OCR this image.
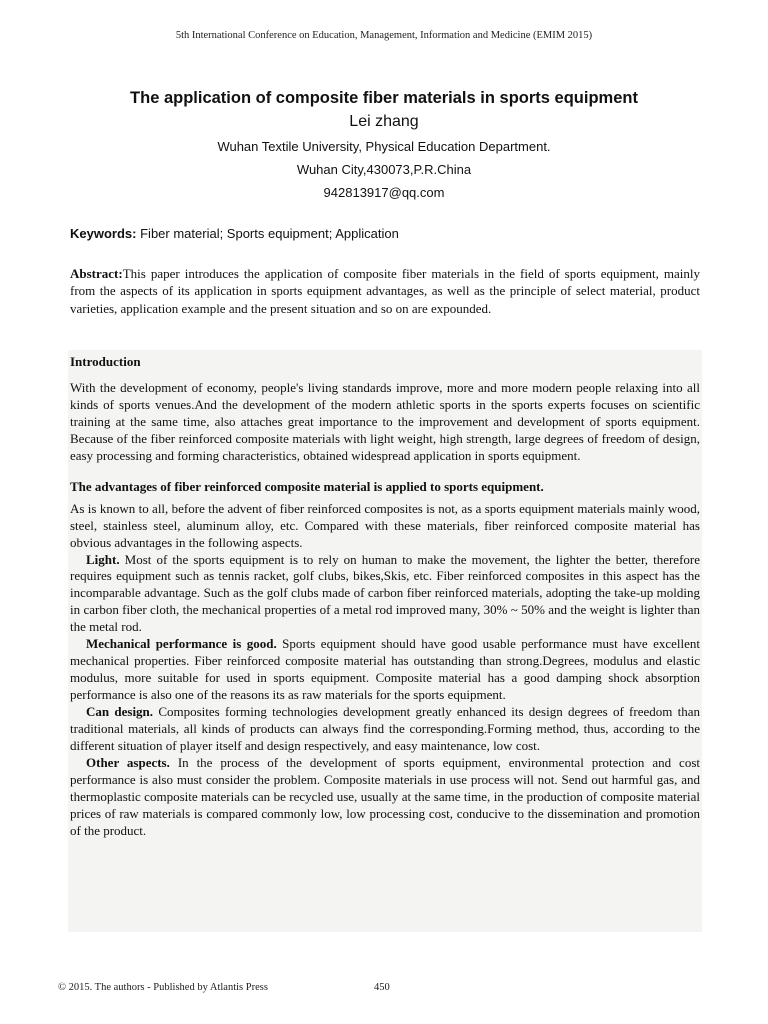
5th International Conference on Education, Management, Information and Medicine (EMIM 2015)
The application of composite fiber materials in sports equipment
Lei zhang
Wuhan Textile University, Physical Education Department.
Wuhan City,430073,P.R.China
942813917@qq.com
Keywords: Fiber material; Sports equipment; Application
Abstract:This paper introduces the application of composite fiber materials in the field of sports equipment, mainly from the aspects of its application in sports equipment advantages, as well as the principle of select material, product varieties, application example and the present situation and so on are expounded.
Introduction

With the development of economy, people's living standards improve, more and more modern people relaxing into all kinds of sports venues.And the development of the modern athletic sports in the sports experts focuses on scientific training at the same time, also attaches great importance to the improvement and development of sports equipment. Because of the fiber reinforced composite materials with light weight, high strength, large degrees of freedom of design, easy processing and forming characteristics, obtained widespread application in sports equipment.

The advantages of fiber reinforced composite material is applied to sports equipment.

As is known to all, before the advent of fiber reinforced composites is not, as a sports equipment materials mainly wood, steel, stainless steel, aluminum alloy, etc. Compared with these materials, fiber reinforced composite material has obvious advantages in the following aspects.

Light. Most of the sports equipment is to rely on human to make the movement, the lighter the better, therefore requires equipment such as tennis racket, golf clubs, bikes,Skis, etc. Fiber reinforced composites in this aspect has the incomparable advantage. Such as the golf clubs made of carbon fiber reinforced materials, adopting the take-up molding in carbon fiber cloth, the mechanical properties of a metal rod improved many, 30% ~ 50% and the weight is lighter than the metal rod.

Mechanical performance is good. Sports equipment should have good usable performance must have excellent mechanical properties. Fiber reinforced composite material has outstanding than strong.Degrees, modulus and elastic modulus, more suitable for used in sports equipment. Composite material has a good damping shock absorption performance is also one of the reasons its as raw materials for the sports equipment.

Can design. Composites forming technologies development greatly enhanced its design degrees of freedom than traditional materials, all kinds of products can always find the corresponding.Forming method, thus, according to the different situation of player itself and design respectively, and easy maintenance, low cost.

Other aspects. In the process of the development of sports equipment, environmental protection and cost performance is also must consider the problem. Composite materials in use process will not. Send out harmful gas, and thermoplastic composite materials can be recycled use, usually at the same time, in the production of composite material prices of raw materials is compared commonly low, low processing cost, conducive to the dissemination and promotion of the product.

© 2015. The authors - Published by Atlantis Press	450
